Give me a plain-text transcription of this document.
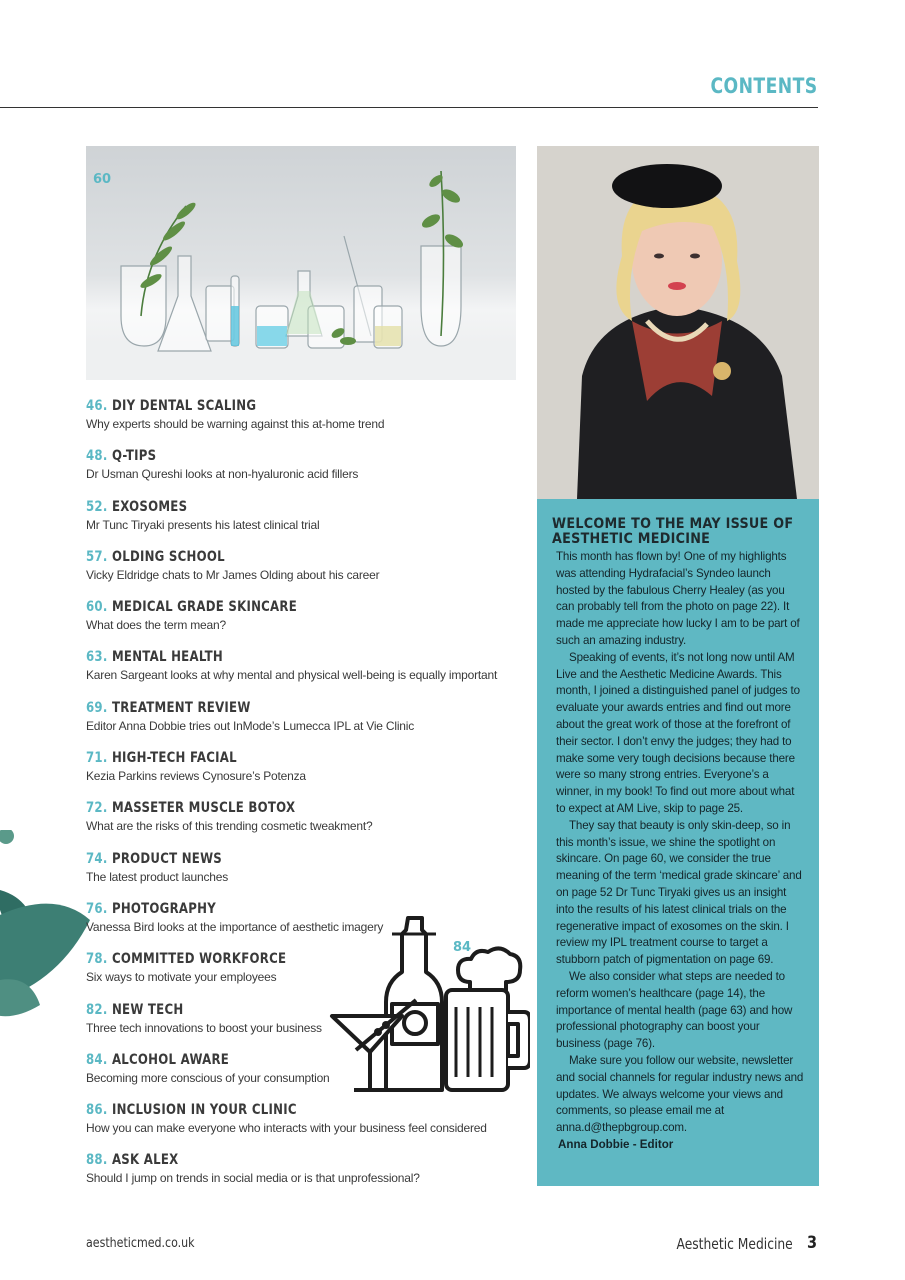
CONTENTS
60
WELCOME TO THE MAY ISSUE OF AESTHETIC MEDICINE

This month has flown by! One of my highlights was attending Hydrafacial’s Syndeo launch hosted by the fabulous Cherry Healey (as you can probably tell from the photo on page 22). It made me appreciate how lucky I am to be part of such an amazing industry.

Speaking of events, it’s not long now until AM Live and the Aesthetic Medicine Awards. This month, I joined a distinguished panel of judges to evaluate your awards entries and find out more about the great work of those at the forefront of their sector. I don’t envy the judges; they had to make some very tough decisions because there were so many strong entries. Everyone’s a winner, in my book! To find out more about what to expect at AM Live, skip to page 25.

They say that beauty is only skin-deep, so in this month’s issue, we shine the spotlight on skincare. On page 60, we consider the true meaning of the term ‘medical grade skincare’ and on page 52 Dr Tunc Tiryaki gives us an insight into the results of his latest clinical trials on the regenerative impact of exosomes on the skin. I review my IPL treatment course to target a stubborn patch of pigmentation on page 69.

We also consider what steps are needed to reform women’s healthcare (page 14), the importance of mental health (page 63) and how professional photography can boost your business (page 76).

Make sure you follow our website, newsletter and social channels for regular industry news and updates. We always welcome your views and comments, so please email me at anna.d@thepbgroup.com.

Anna Dobbie - Editor
46. DIY DENTAL SCALING
Why experts should be warning against this at-home trend
48. Q-TIPS
Dr Usman Qureshi looks at non-hyaluronic acid fillers
52. EXOSOMES
Mr Tunc Tiryaki presents his latest clinical trial
57. OLDING SCHOOL
Vicky Eldridge chats to Mr James Olding about his career
60. MEDICAL GRADE SKINCARE
What does the term mean?
63. MENTAL HEALTH
Karen Sargeant looks at why mental and physical well-being is equally important
69. TREATMENT REVIEW
Editor Anna Dobbie tries out InMode’s Lumecca IPL at Vie Clinic
71. HIGH-TECH FACIAL
Kezia Parkins reviews Cynosure’s Potenza
72. MASSETER MUSCLE BOTOX
What are the risks of this trending cosmetic tweakment?
74. PRODUCT NEWS
The latest product launches
76. PHOTOGRAPHY
Vanessa Bird looks at the importance of aesthetic imagery
78. COMMITTED WORKFORCE
Six ways to motivate your employees
82. NEW TECH
Three tech innovations to boost your business
84. ALCOHOL AWARE
Becoming more conscious of your consumption
86. INCLUSION IN YOUR CLINIC
How you can make everyone who interacts with your business feel considered
88. ASK ALEX
Should I jump on trends in social media or is that unprofessional?
84
aestheticmed.co.uk	Aesthetic Medicine 3
